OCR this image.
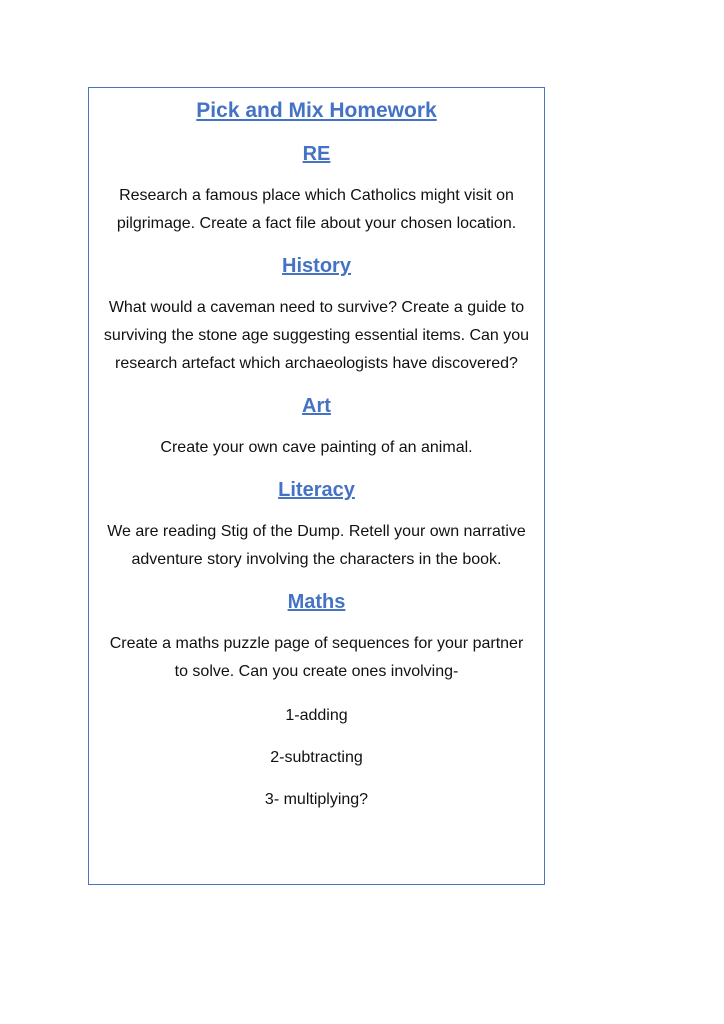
Pick and Mix Homework
RE

Research a famous place which Catholics might visit on pilgrimage. Create a fact file about your chosen location.

History

What would a caveman need to survive? Create a guide to surviving the stone age suggesting essential items. Can you research artefact which archaeologists have discovered?

Art

Create your own cave painting of an animal.

Literacy

We are reading Stig of the Dump. Retell your own narrative adventure story involving the characters in the book.

Maths

Create a maths puzzle page of sequences for your partner to solve. Can you create ones involving-

1-adding

2-subtracting

3- multiplying?
